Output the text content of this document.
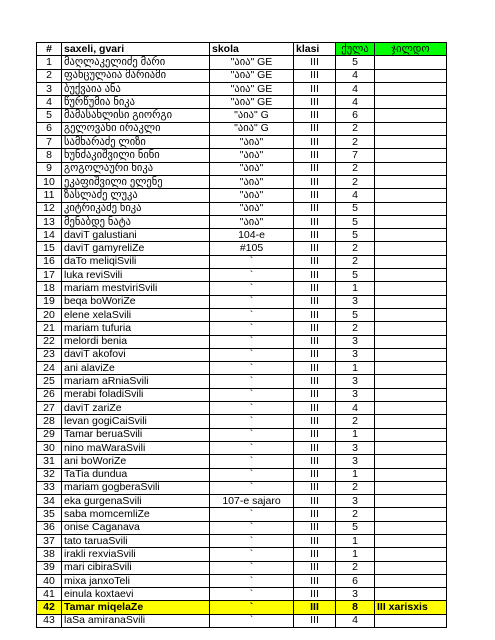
#	saxeli, gvari	skola	klasi	ქულა	ჯილდო
1	მაღლაკელიძე მარი	"აია" GE	III	5	
2	ფანცულაია მარიამი	"აია" GE	III	4	
3	ბუქვაია ანა	"აია" GE	III	4	
4	წურწუმია ნიკა	"აია" GE	III	4	
5	მამასახლისი გიორგი	"აია" G	III	6	
6	გელოვანი ირაკლი	"აია" G	III	2	
7	სამხარაძე ლიზი	"აია"	III	2	
8	ხუნძაკიშვილი ნინი	"აია"	III	7	
9	გოგოლაური ნიკა	"აია"	III	2	
10	ეკაფიშვილი ელენე	"აია"	III	2	
11	ზასლაძე ლუკა	"აია"	III	4	
12	კიტრიკაძე ნიკა	"აია"	III	5	
13	მენაბდე ნატა	"აია"	III	5	
14	daviT galustiani	104-e	III	5	
15	daviT gamyreliZe	#105	III	2	
16	daTo meliqiSvili	`	III	2	
17	luka reviSvili	`	III	5	
18	mariam mestviriSvili	`	III	1	
19	beqa boWoriZe	`	III	3	
20	elene xelaSvili	`	III	5	
21	mariam tufuria	`	III	2	
22	melordi benia	`	III	3	
23	daviT akofovi	`	III	3	
24	ani alaviZe	`	III	1	
25	mariam aRniaSvili	`	III	3	
26	merabi foladiSvili	`	III	3	
27	daviT zariZe	`	III	4	
28	levan gogiCaiSvili	`	III	2	
29	Tamar beruaSvili	`	III	1	
30	nino maWaraSvili	`	III	3	
31	ani boWoriZe	`	III	3	
32	TaTia dundua	`	III	1	
33	mariam gogberaSvili	`	III	2	
34	eka gurgenaSvili	107-e sajaro	III	3	
35	saba momcemliZe	`	III	2	
36	onise Caganava	`	III	5	
37	tato taruaSvili	`	III	1	
38	irakli rexviaSvili	`	III	1	
39	mari cibiraSvili	`	III	2	
40	mixa janxoTeli	`	III	6	
41	einula koxtaevi	`	III	3	
42	Tamar miqelaZe	`	III	8	III xarisxis
43	laSa amiranaSvili	`	III	4	
